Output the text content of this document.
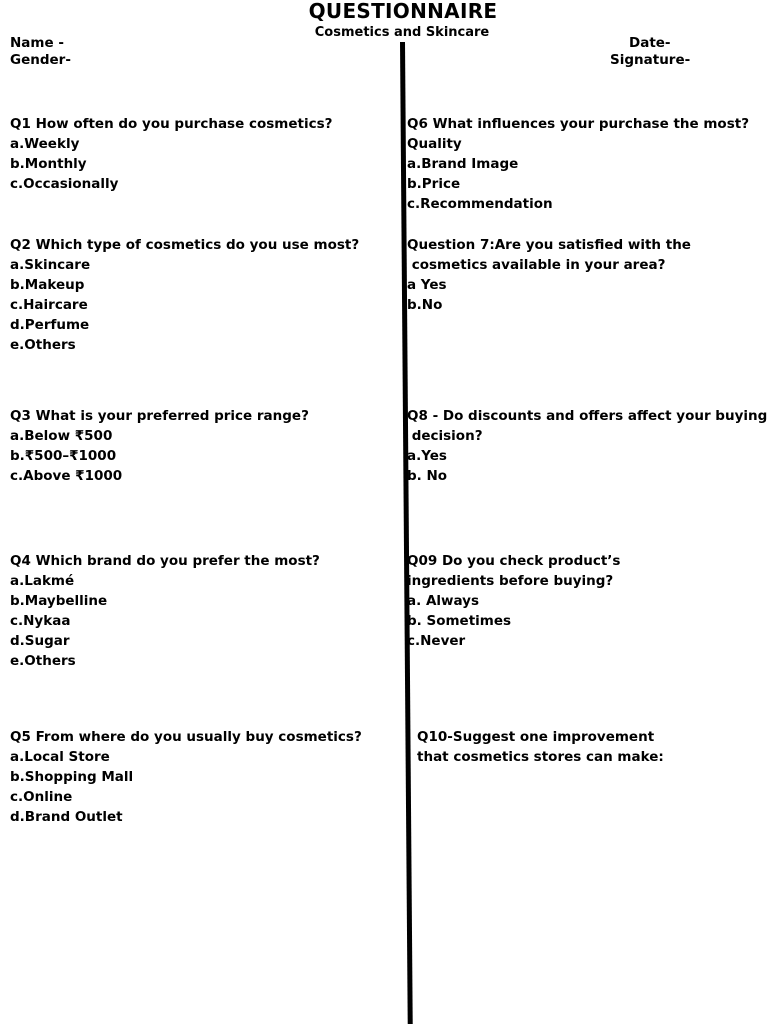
QUESTIONNAIRE
Cosmetics and Skincare
Name -
Gender-
Date-
Signature-
Q1 How often do you purchase cosmetics?
a.Weekly
b.Monthly
c.Occasionally
Q2 Which type of cosmetics do you use most?
a.Skincare
b.Makeup
c.Haircare
d.Perfume
e.Others
Q3 What is your preferred price range?
a.Below ₹500
b.₹500–₹1000
c.Above ₹1000
Q4 Which brand do you prefer the most?
a.Lakmé
b.Maybelline
c.Nykaa
d.Sugar
e.Others
Q5 From where do you usually buy cosmetics?
a.Local Store
b.Shopping Mall
c.Online
d.Brand Outlet
Q6 What influences your purchase the most?
Quality
a.Brand Image
b.Price
c.Recommendation
Question 7:Are you satisfied with the
cosmetics available in your area?
a Yes
b.No
Q8 - Do discounts and offers affect your buying
decision?
a.Yes
b. No
Q09 Do you check product’s
ingredients before buying?
a. Always
b. Sometimes
c.Never
Q10-Suggest one improvement
that cosmetics stores can make:
